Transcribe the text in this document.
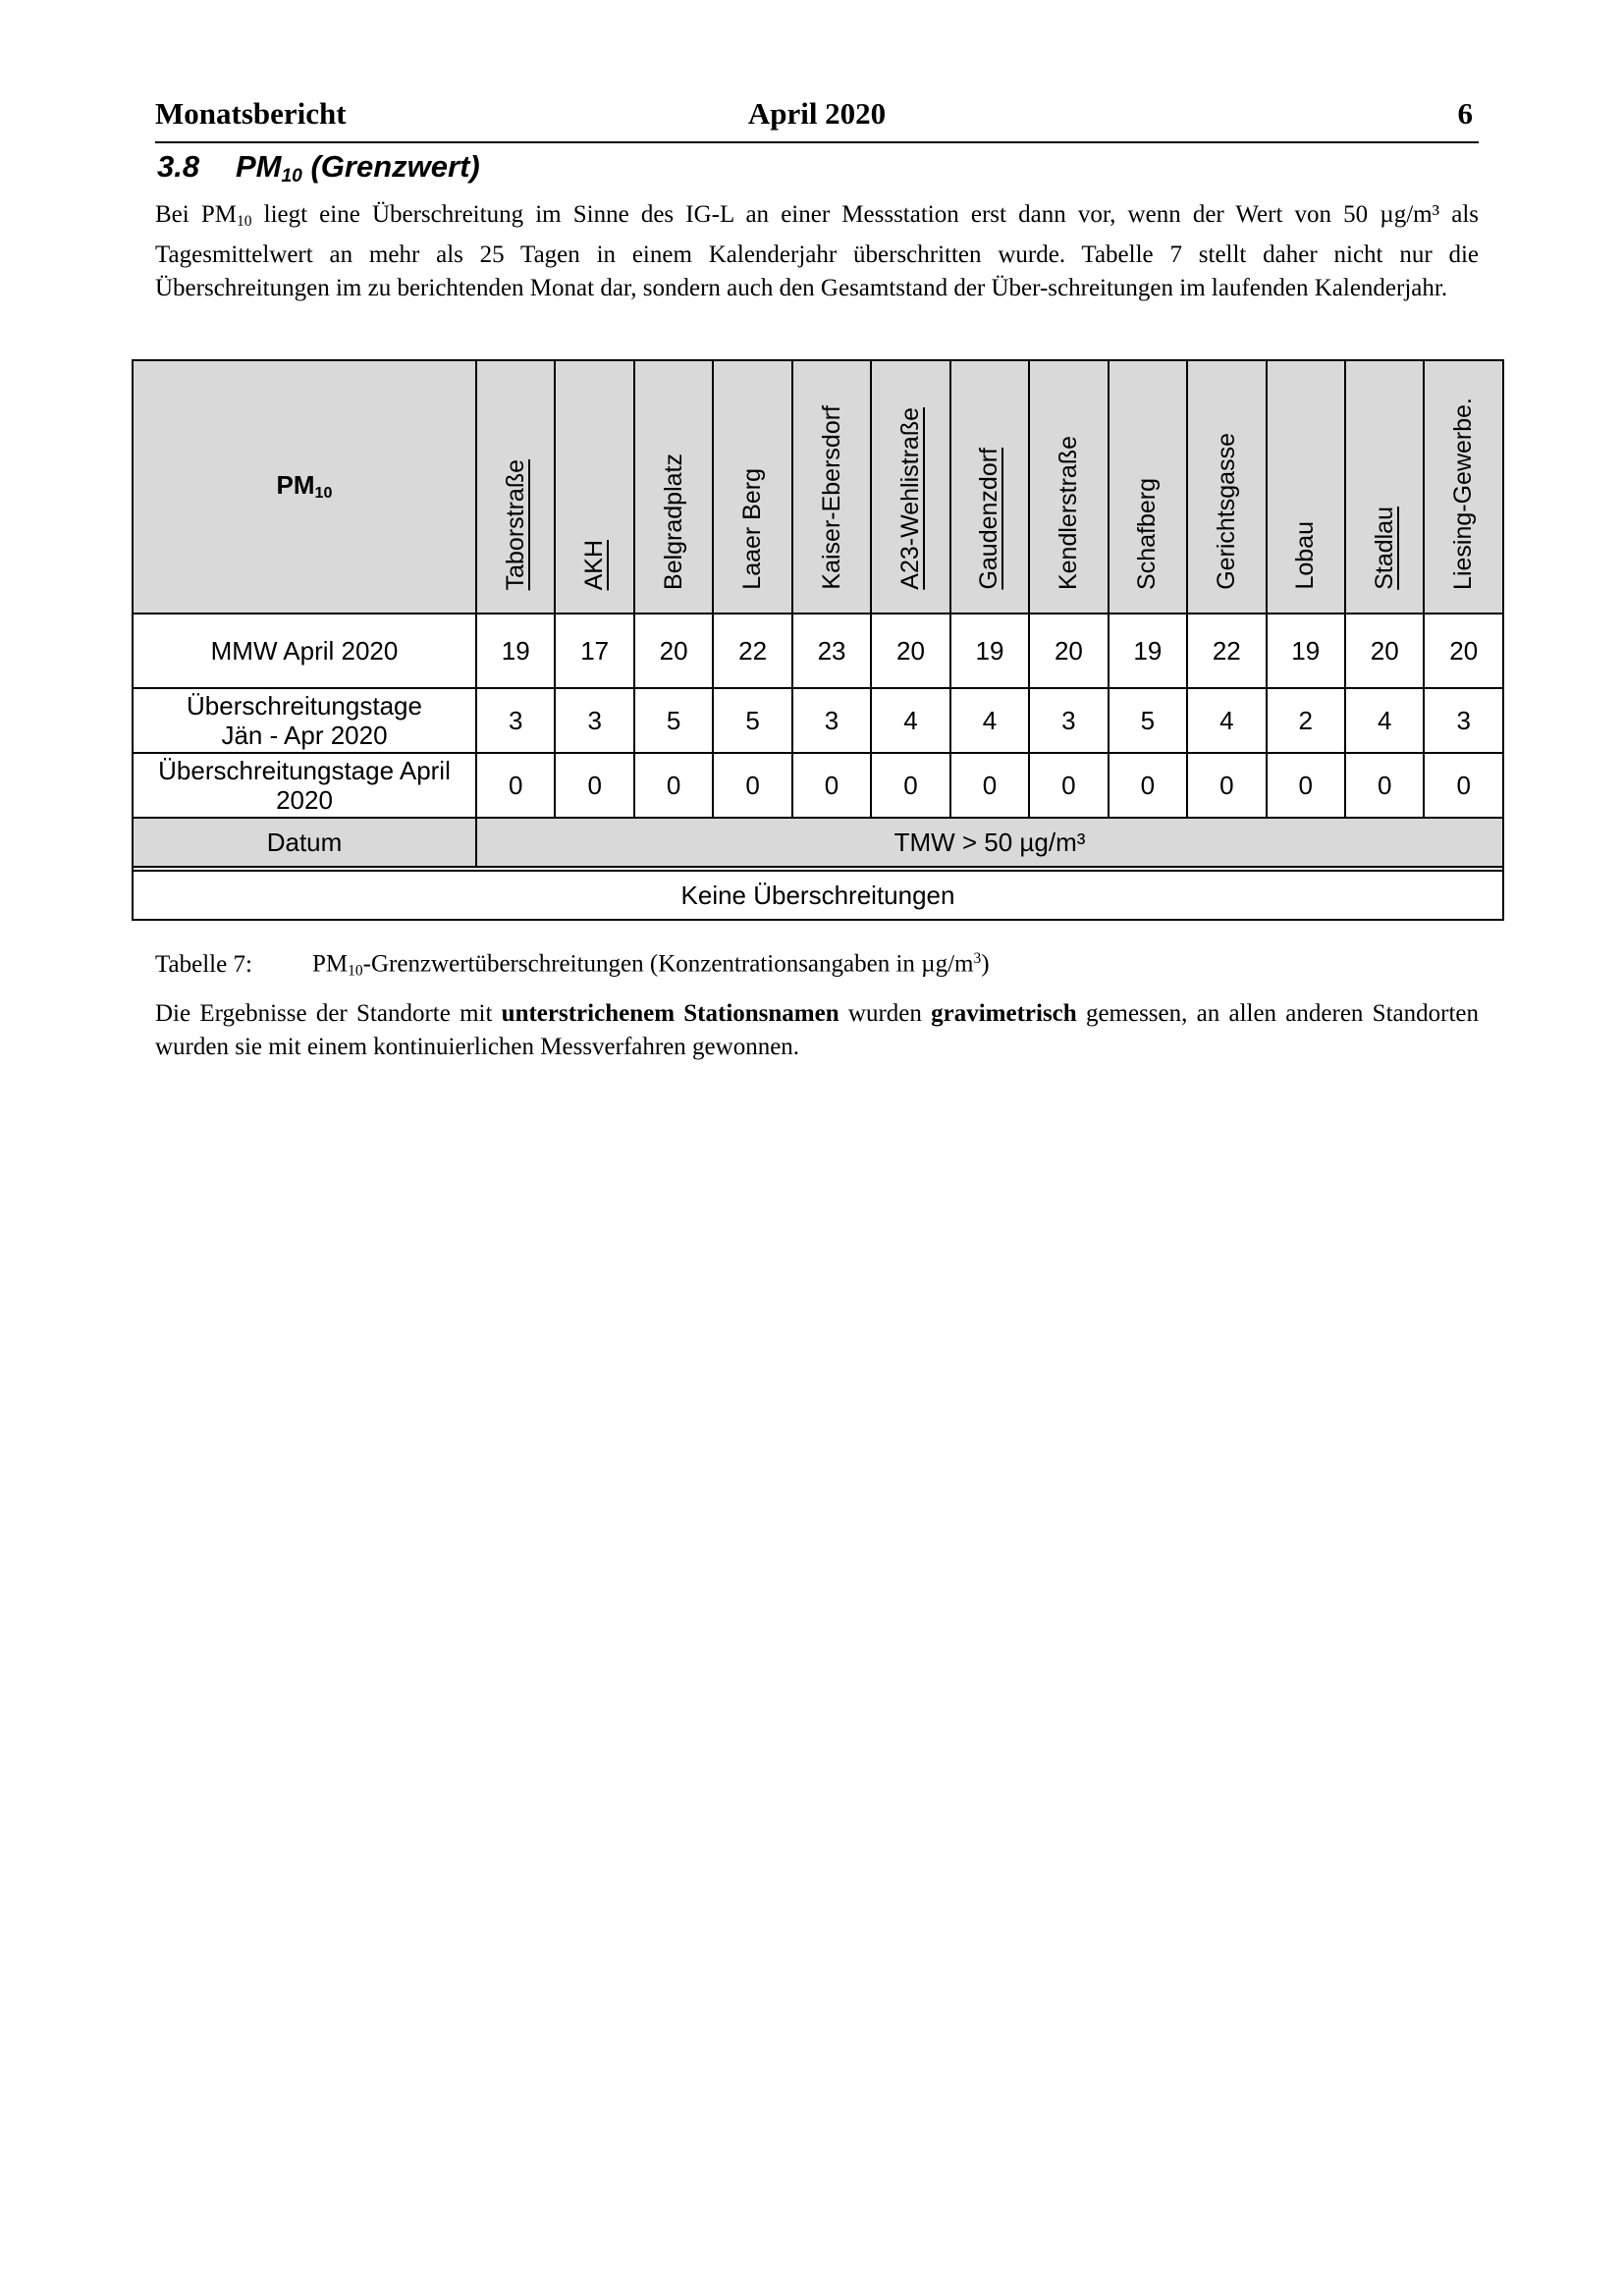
Monatsbericht	April 2020	6
3.8 $PM_{10}$ (Grenzwert)
Bei $PM_{10}$ liegt eine Überschreitung im Sinne des IG-L an einer Messstation erst dann vor, wenn der Wert von 50 µg/m³ als Tagesmittelwert an mehr als 25 Tagen in einem Kalenderjahr überschritten wurde. Tabelle 7 stellt daher nicht nur die Überschreitungen im zu berichtenden Monat dar, sondern auch den Gesamtstand der Über-schreitungen im laufenden Kalenderjahr.
$PM_{10}$	Taborstraße	AKH	Belgradplatz	Laaer Berg	Kaiser-Ebersdorf	A23-Wehlistraße	Gaudenzdorf	Kendlerstraße	Schafberg	Gerichtsgasse	Lobau	Stadlau	Liesing-Gewerbe.

MMW April 2020	19	17	20	22	23	20	19	20	19	22	19	20	20

Überschreitungstage
Jän - Apr 2020	3	3	5	5	3	4	4	3	5	4	2	4	3

Überschreitungstage April
2020	0	0	0	0	0	0	0	0	0	0	0	0	0
Datum	TMW > 50 µg/m³												

Keine Überschreitungen													
Tabelle 7: $PM_{10}$-Grenzwertüberschreitungen (Konzentrationsangaben in $\mu g/m^3$)
Die Ergebnisse der Standorte mit unterstrichenem Stationsnamen wurden gravimetrisch gemessen, an allen anderen Standorten wurden sie mit einem kontinuierlichen Messverfahren gewonnen.
